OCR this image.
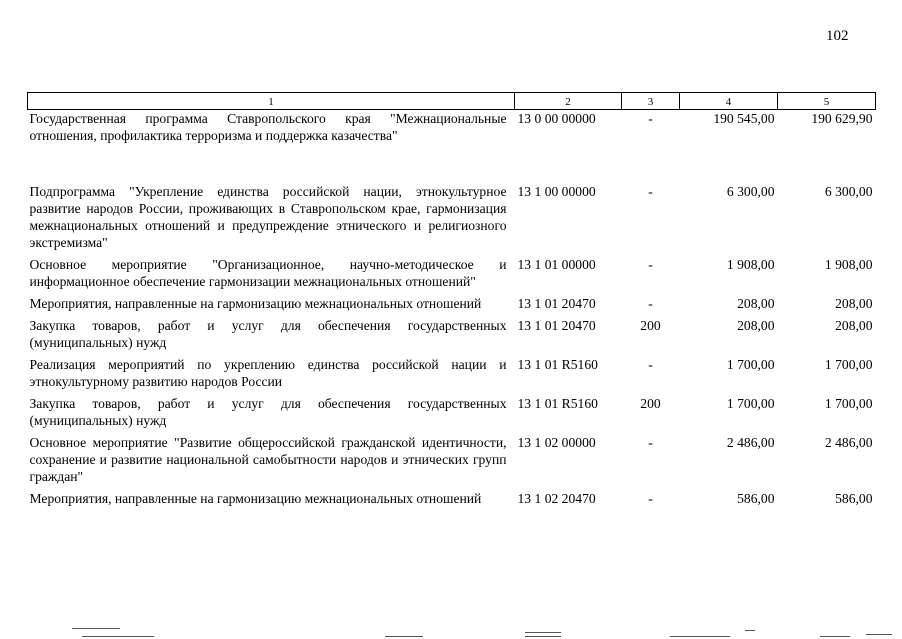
102
1	2	3	4	5
Государственная программа Ставропольского края "Межнациональные отношения, профилактика терроризма и поддержка казачества"	13 0 00 00000	-	190 545,00	190 629,90
Подпрограмма "Укрепление единства российской нации, этнокультурное развитие народов России, проживающих в Ставропольском крае, гармонизация межнациональных отношений и предупреждение этнического и религиозного экстремизма"	13 1 00 00000	-	6 300,00	6 300,00
Основное мероприятие "Организационное, научно-методическое и информационное обеспечение гармонизации межнациональных отношений"	13 1 01 00000	-	1 908,00	1 908,00
Мероприятия, направленные на гармонизацию межнациональных отношений	13 1 01 20470	-	208,00	208,00
Закупка товаров, работ и услуг для обеспечения государственных (муниципальных) нужд	13 1 01 20470	200	208,00	208,00
Реализация мероприятий по укреплению единства российской нации и этнокультурному развитию народов России	13 1 01 R5160	-	1 700,00	1 700,00
Закупка товаров, работ и услуг для обеспечения государственных (муниципальных) нужд	13 1 01 R5160	200	1 700,00	1 700,00
Основное мероприятие "Развитие общероссийской гражданской идентичности, сохранение и развитие национальной самобытности народов и этнических групп граждан"	13 1 02 00000	-	2 486,00	2 486,00
Мероприятия, направленные на гармонизацию межнациональных отношений	13 1 02 20470	-	586,00	586,00
